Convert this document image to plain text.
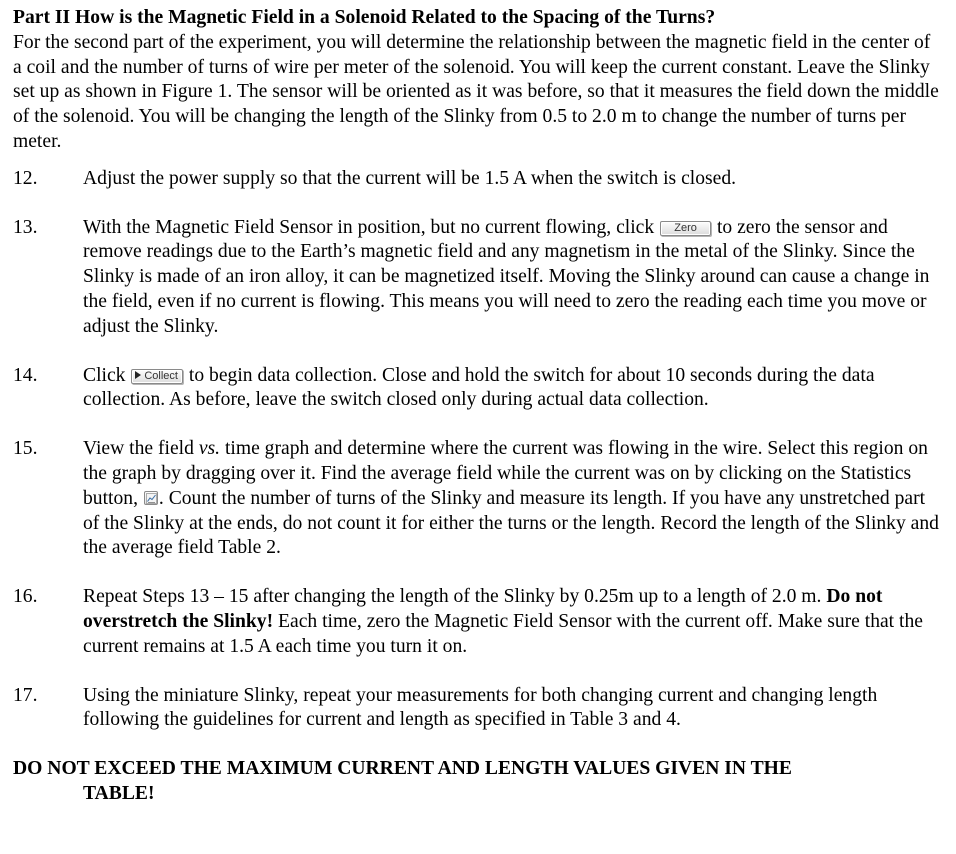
Part II How is the Magnetic Field in a Solenoid Related to the Spacing of the Turns?

For the second part of the experiment, you will determine the relationship between the magnetic field in the center of a coil and the number of turns of wire per meter of the solenoid. You will keep the current constant. Leave the Slinky set up as shown in Figure 1. The sensor will be oriented as it was before, so that it measures the field down the middle of the solenoid. You will be changing the length of the Slinky from 0.5 to 2.0 m to change the number of turns per meter.

12.	Adjust the power supply so that the current will be 1.5 A when the switch is closed.

13.	With the Magnetic Field Sensor in position, but no current flowing, click Zero to zero the sensor and remove readings due to the Earth’s magnetic field and any magnetism in the metal of the Slinky. Since the Slinky is made of an iron alloy, it can be magnetized itself. Moving the Slinky around can cause a change in the field, even if no current is flowing. This means you will need to zero the reading each time you move or adjust the Slinky.

14.	Click Collect to begin data collection. Close and hold the switch for about 10 seconds during the data collection. As before, leave the switch closed only during actual data collection.

15.	View the field vs. time graph and determine where the current was flowing in the wire. Select this region on the graph by dragging over it. Find the average field while the current was on by clicking on the Statistics button, . Count the number of turns of the Slinky and measure its length. If you have any unstretched part of the Slinky at the ends, do not count it for either the turns or the length. Record the length of the Slinky and the average field Table 2.

16.	Repeat Steps 13 – 15 after changing the length of the Slinky by 0.25m up to a length of 2.0 m. Do not overstretch the Slinky! Each time, zero the Magnetic Field Sensor with the current off. Make sure that the current remains at 1.5 A each time you turn it on.

17.	Using the miniature Slinky, repeat your measurements for both changing current and changing length following the guidelines for current and length as specified in Table 3 and 4.

DO NOT EXCEED THE MAXIMUM CURRENT AND LENGTH VALUES GIVEN IN THE
TABLE!
